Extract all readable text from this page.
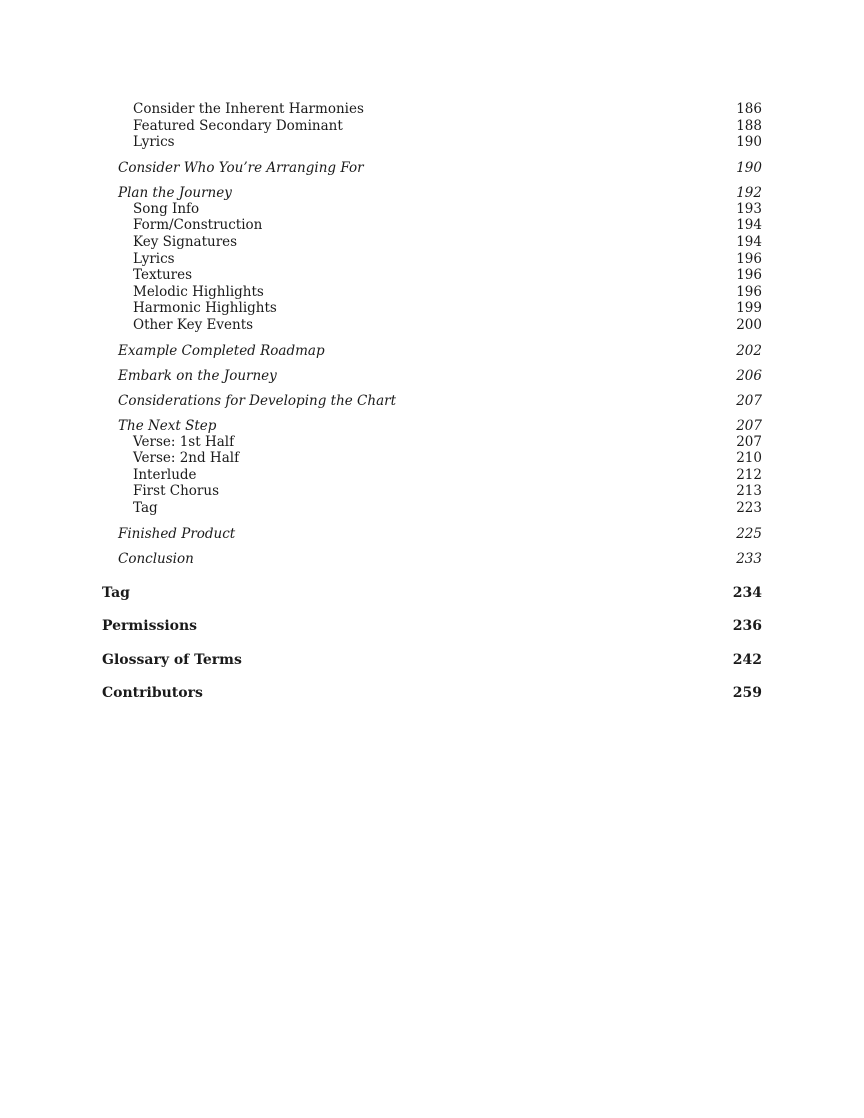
Consider the Inherent Harmonies	186
Featured Secondary Dominant	188
Lyrics	190
Consider Who You’re Arranging For	190
Plan the Journey	192
Song Info	193
Form/Construction	194
Key Signatures	194
Lyrics	196
Textures	196
Melodic Highlights	196
Harmonic Highlights	199
Other Key Events	200
Example Completed Roadmap	202
Embark on the Journey	206
Considerations for Developing the Chart	207
The Next Step	207
Verse: 1st Half	207
Verse: 2nd Half	210
Interlude	212
First Chorus	213
Tag	223
Finished Product	225
Conclusion	233
Tag	234
Permissions	236
Glossary of Terms	242
Contributors	259
